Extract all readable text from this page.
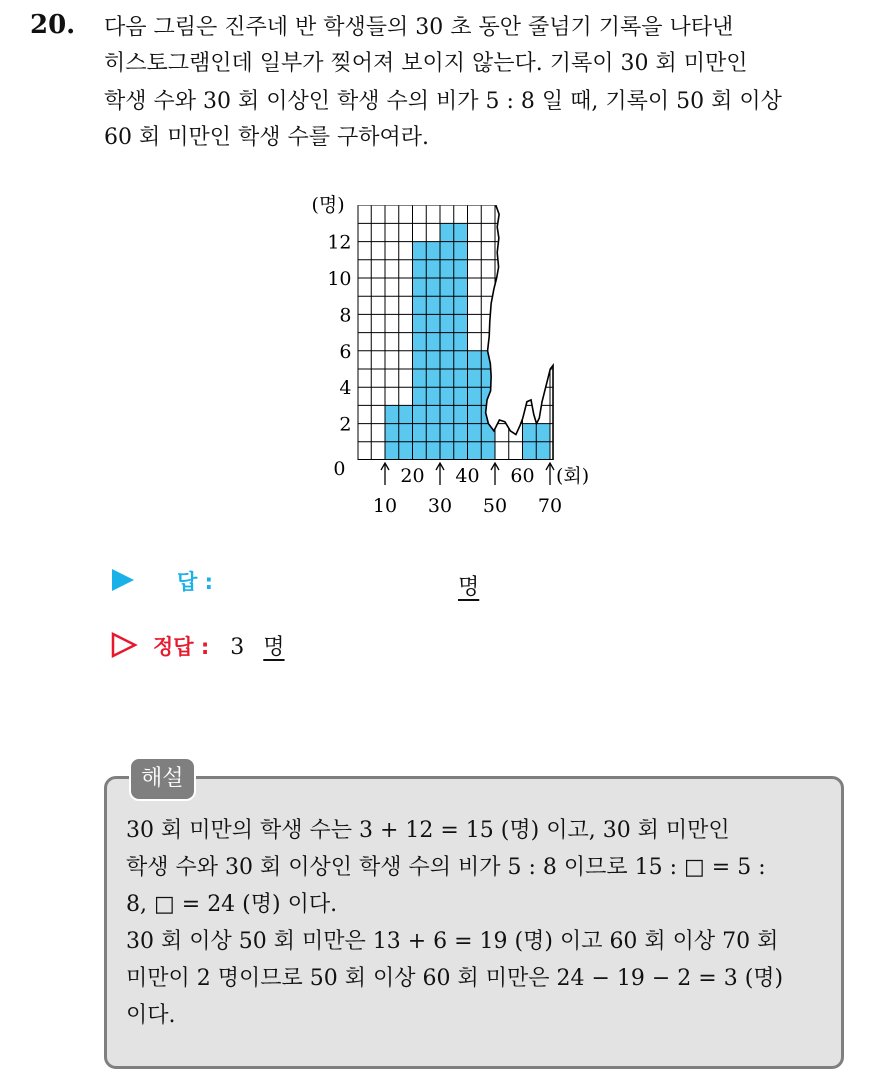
20. 다음 그림은 진주네 반 학생들의 30 초 동안 줄넘기 기록을 나타낸
히스토그램인데 일부가 찢어져 보이지 않는다. 기록이 30 회 미만인
학생 수와 30 회 이상인 학생 수의 비가 5 : 8 일 때, 기록이 50 회 이상
60 회 미만인 학생 수를 구하여라.
0
2
4
6
8
10
12
(명)
20 40 60
10 30 50 70
(회)
답 :	명
정답 : 3 명
해설
30 회 미만의 학생 수는 3 + 12 = 15 (명) 이고, 30 회 미만인
학생 수와 30 회 이상인 학생 수의 비가 5 : 8 이므로 15 : □ = 5 :
8, □ = 24 (명) 이다.
30 회 이상 50 회 미만은 13 + 6 = 19 (명) 이고 60 회 이상 70 회
미만이 2 명이므로 50 회 이상 60 회 미만은 24 − 19 − 2 = 3 (명)
이다.
